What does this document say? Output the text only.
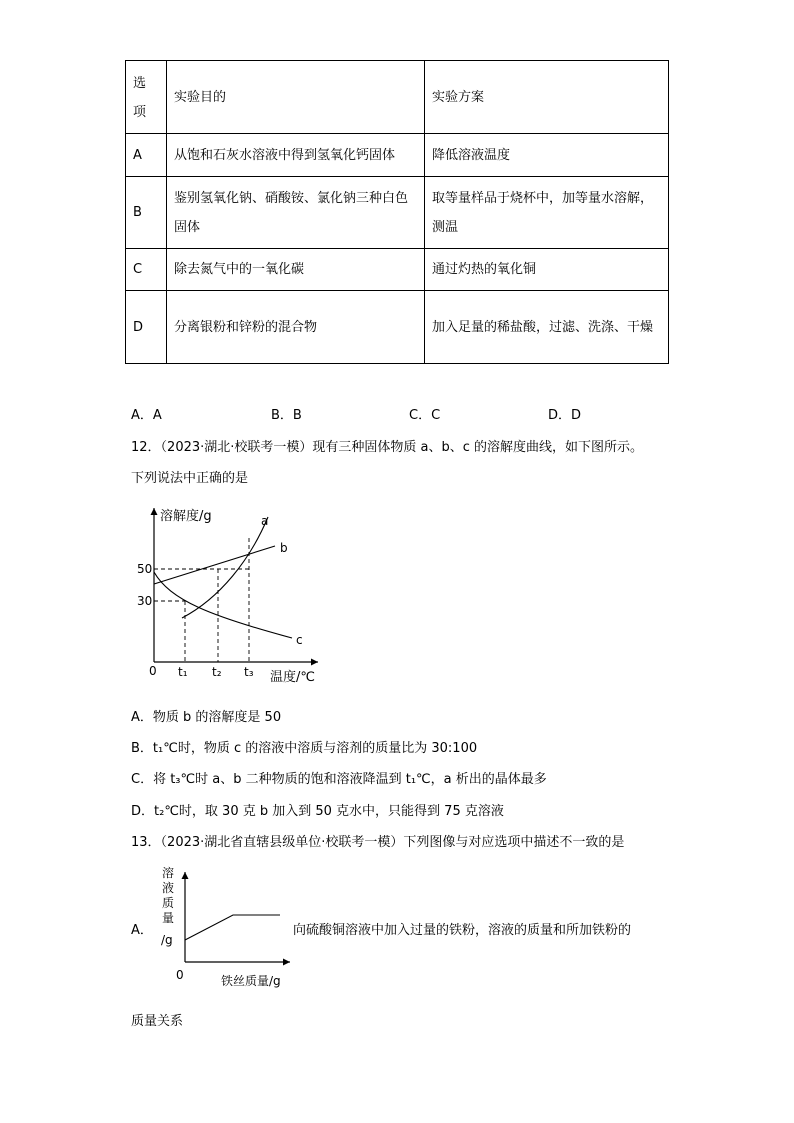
选项	实验目的	实验方案
A	从饱和石灰水溶液中得到氢氧化钙固体	降低溶液温度
B	鉴别氢氧化钠、硝酸铵、氯化钠三种白色固体	取等量样品于烧杯中，加等量水溶解，测温
C	除去氮气中的一氧化碳	通过灼热的氧化铜
D	分离银粉和锌粉的混合物	加入足量的稀盐酸，过滤、洗涤、干燥
A．A	B．B	C．C	D．D
12．（2023·湖北·校联考一模）现有三种固体物质 a、b、c 的溶解度曲线，如下图所示。
下列说法中正确的是
溶解度/g
温度/℃
0
50
30
t₁ t₂ t₃
a
b
c
A．物质 b 的溶解度是 50
B．t₁℃时，物质 c 的溶液中溶质与溶剂的质量比为 30:100
C．将 t₃℃时 a、b 二种物质的饱和溶液降温到 t₁℃，a 析出的晶体最多
D．t₂℃时，取 30 克 b 加入到 50 克水中，只能得到 75 克溶液
13．（2023·湖北省直辖县级单位·校联考一模）下列图像与对应选项中描述不一致的是
溶
液
质
量
/g
0	铁丝质量/g
A．	向硫酸铜溶液中加入过量的铁粉，溶液的质量和所加铁粉的
质量关系
